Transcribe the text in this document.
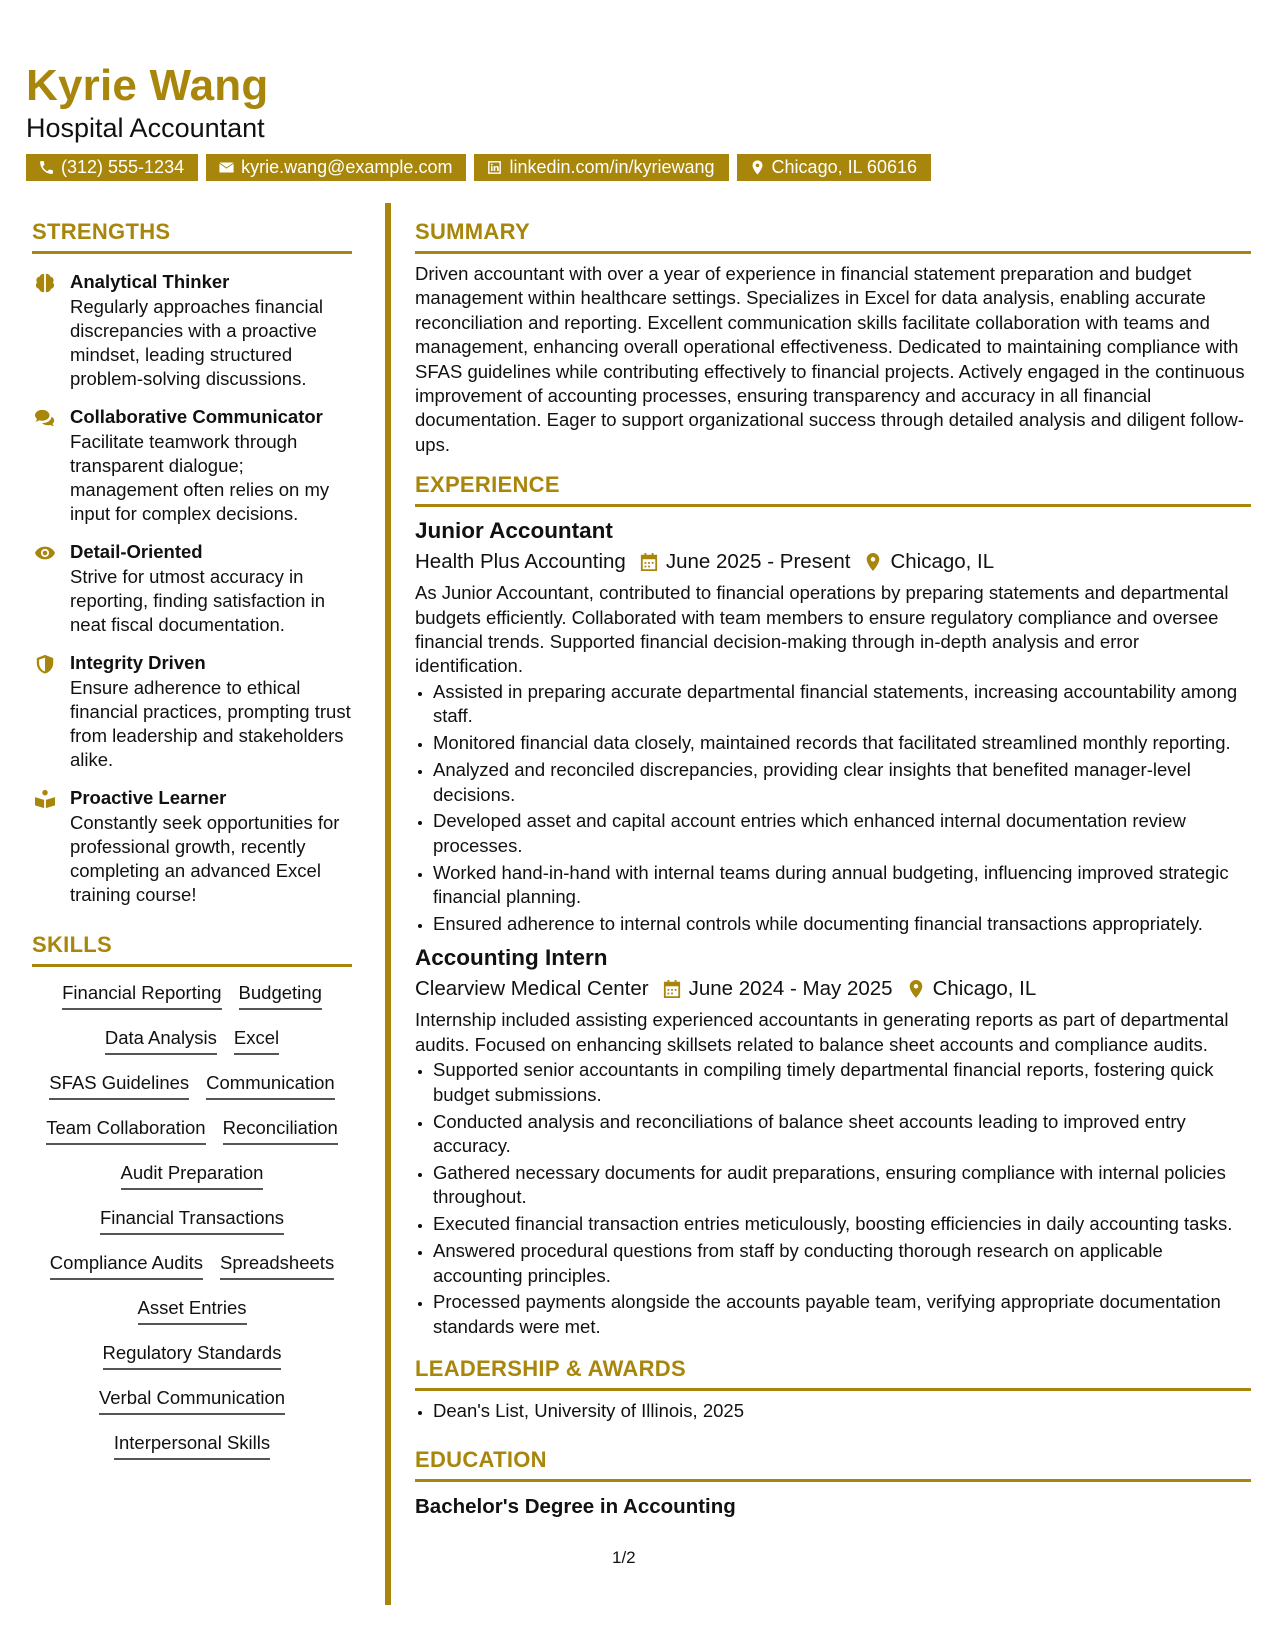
Kyrie Wang
Hospital Accountant
(312) 555-1234	kyrie.wang@example.com	linkedin.com/in/kyriewang	Chicago, IL 60616
STRENGTHS
Analytical Thinker
Regularly approaches financial discrepancies with a proactive mindset, leading structured problem-solving discussions.
Collaborative Communicator
Facilitate teamwork through transparent dialogue; management often relies on my input for complex decisions.
Detail-Oriented
Strive for utmost accuracy in reporting, finding satisfaction in neat fiscal documentation.
Integrity Driven
Ensure adherence to ethical financial practices, prompting trust from leadership and stakeholders alike.
Proactive Learner
Constantly seek opportunities for professional growth, recently completing an advanced Excel training course!
SKILLS
Financial Reporting Budgeting
Data Analysis Excel
SFAS Guidelines Communication
Team Collaboration Reconciliation
Audit Preparation
Financial Transactions
Compliance Audits Spreadsheets
Asset Entries
Regulatory Standards
Verbal Communication
Interpersonal Skills
SUMMARY
Driven accountant with over a year of experience in financial statement preparation and budget management within healthcare settings. Specializes in Excel for data analysis, enabling accurate reconciliation and reporting. Excellent communication skills facilitate collaboration with teams and management, enhancing overall operational effectiveness. Dedicated to maintaining compliance with SFAS guidelines while contributing effectively to financial projects. Actively engaged in the continuous improvement of accounting processes, ensuring transparency and accuracy in all financial documentation. Eager to support organizational success through detailed analysis and diligent follow-ups.
EXPERIENCE
Junior Accountant
Health Plus Accounting June 2025 - Present Chicago, IL
As Junior Accountant, contributed to financial operations by preparing statements and departmental budgets efficiently. Collaborated with team members to ensure regulatory compliance and oversee financial trends. Supported financial decision-making through in-depth analysis and error identification.
• Assisted in preparing accurate departmental financial statements, increasing accountability among staff.
• Monitored financial data closely, maintained records that facilitated streamlined monthly reporting.
• Analyzed and reconciled discrepancies, providing clear insights that benefited manager-level decisions.
• Developed asset and capital account entries which enhanced internal documentation review processes.
• Worked hand-in-hand with internal teams during annual budgeting, influencing improved strategic financial planning.
• Ensured adherence to internal controls while documenting financial transactions appropriately.
Accounting Intern
Clearview Medical Center June 2024 - May 2025 Chicago, IL
Internship included assisting experienced accountants in generating reports as part of departmental audits. Focused on enhancing skillsets related to balance sheet accounts and compliance audits.
• Supported senior accountants in compiling timely departmental financial reports, fostering quick budget submissions.
• Conducted analysis and reconciliations of balance sheet accounts leading to improved entry accuracy.
• Gathered necessary documents for audit preparations, ensuring compliance with internal policies throughout.
• Executed financial transaction entries meticulously, boosting efficiencies in daily accounting tasks.
• Answered procedural questions from staff by conducting thorough research on applicable accounting principles.
• Processed payments alongside the accounts payable team, verifying appropriate documentation standards were met.
LEADERSHIP & AWARDS
• Dean's List, University of Illinois, 2025
EDUCATION
Bachelor's Degree in Accounting
1/2
